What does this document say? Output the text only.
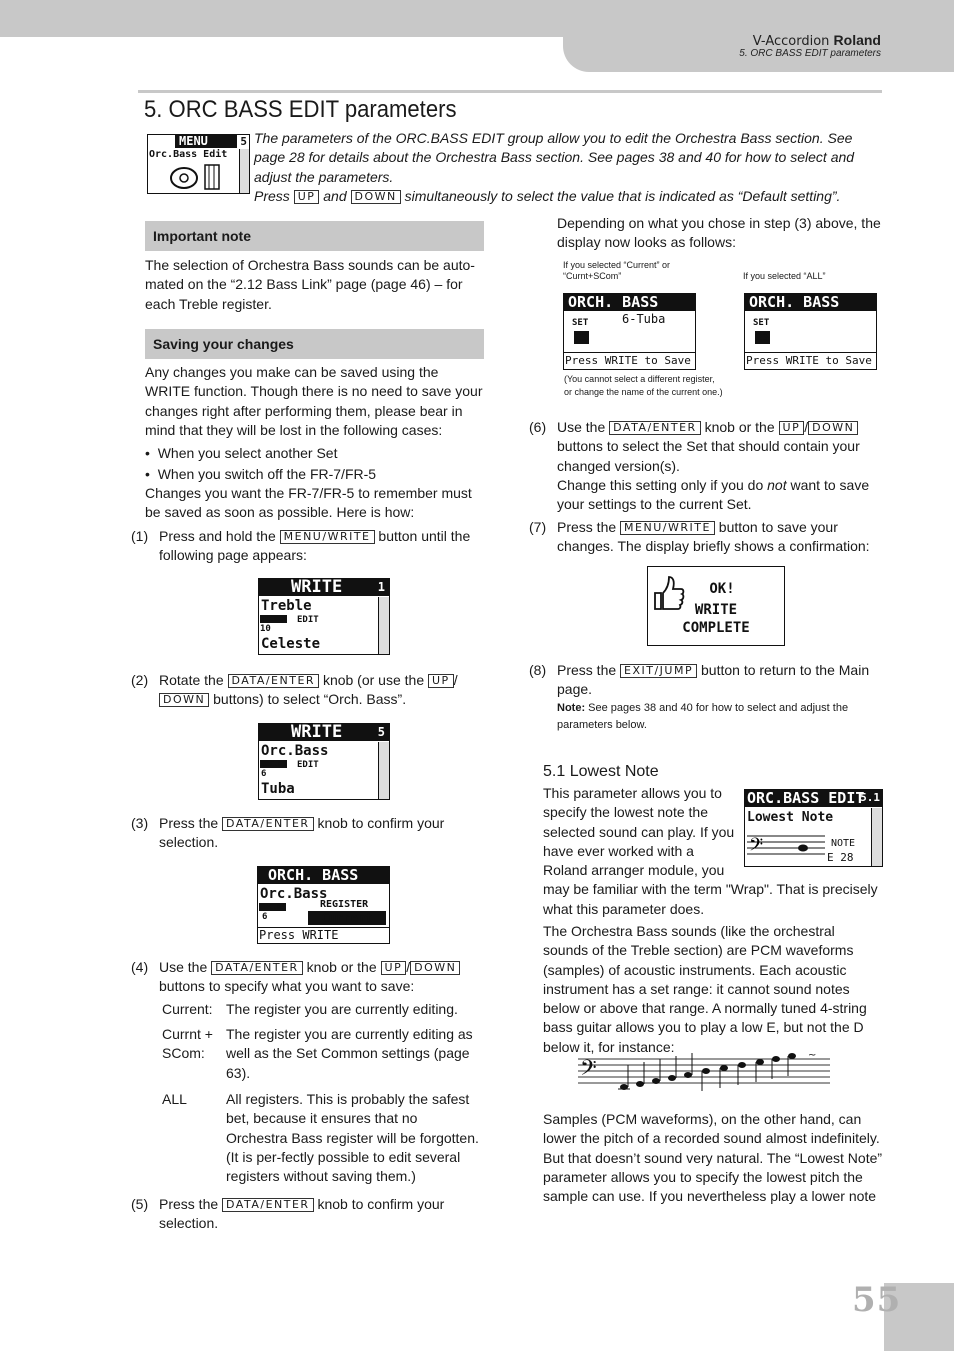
V-Accordion Roland
5. ORC BASS EDIT parameters
5. ORC BASS EDIT parameters
MENU	5
Orc.Bass Edit
The parameters of the ORC.BASS EDIT group allow you to edit the Orchestra Bass section. See page 28 for details about the Orchestra Bass section. See pages 38 and 40 for how to select and adjust the parameters.
Press UP and DOWN simultaneously to select the value that is indicated as “Default setting”.
Important note
The selection of Orchestra Bass sounds can be auto-mated on the “2.12 Bass Link” page (page 46) – for each Treble register.
Saving your changes
Any changes you make can be saved using the WRITE function. Though there is no need to save your changes right after performing them, please bear in mind that they will be lost in the following cases:
•  When you select another Set
•  When you switch off the FR-7/FR-5
Changes you want the FR-7/FR-5 to remember must be saved as soon as possible. Here is how:
(1) Press and hold the MENU/WRITE button until the following page appears:
WRITE	1
Treble
TREBLE
10
EDIT
Celeste
(2) Rotate the DATA/ENTER knob (or use the UP /
DOWN buttons) to select “Orch. Bass”.
WRITE	5
Orc.Bass
ORC.BS
6
EDIT
Tuba
(3) Press the DATA/ENTER knob to confirm your selection.
ORCH. BASS
Orc.Bass
ORC.BS
6
REGISTER
Current
Press WRITE
(4) Use the DATA/ENTER knob or the UP / DOWN
buttons to specify what you want to save:
Current: The register you are currently editing.
Currnt + SCom:
The register you are currently editing as well as the Set Common settings (page 63).
ALL	All registers. This is probably the safest bet, because it ensures that no Orchestra Bass register will be forgotten. (It is per-fectly possible to edit several registers without saving them.)
(5) Press the DATA/ENTER knob to confirm your selection.
Depending on what you chose in step (3) above, the display now looks as follows:
If you selected “Current” or “Curnt+SCom”	If you selected “ALL”
ORCH. BASS
SET
23
6-Tuba
Press WRITE to Save
ORCH. BASS
SET
23
Press WRITE to Save
(You cannot select a different register, or change the name of the current one.)
(6) Use the DATA/ENTER knob or the UP / DOWN buttons to select the Set that should contain your changed version(s).
Change this setting only if you do not want to save your settings to the current Set.
(7) Press the MENU/WRITE button to save your changes. The display briefly shows a confirmation:
OK!
WRITE
COMPLETE
(8) Press the EXIT/JUMP button to return to the Main page.
Note: See pages 38 and 40 for how to select and adjust the parameters below.
5.1 Lowest Note
ORC.BASS EDIT
5.1
Lowest Note
𝄢	NOTE
E 28
This parameter allows you to specify the lowest note the selected sound can play. If you have ever worked with a Roland arranger module, you may be familiar with the term "Wrap". That is precisely what this parameter does.
The Orchestra Bass sounds (like the orchestral sounds of the Treble section) are PCM waveforms (samples) of acoustic instruments. Each acoustic instrument has a set range: it cannot sound notes below or above that range. A normally tuned 4-string bass guitar allows you to play a low E, but not the D below it, for instance:
𝄢
~
Samples (PCM waveforms), on the other hand, can lower the pitch of a recorded sound almost indefinitely. But that doesn’t sound very natural. The “Lowest Note” parameter allows you to specify the lowest pitch the sample can use. If you nevertheless play a lower note
55
